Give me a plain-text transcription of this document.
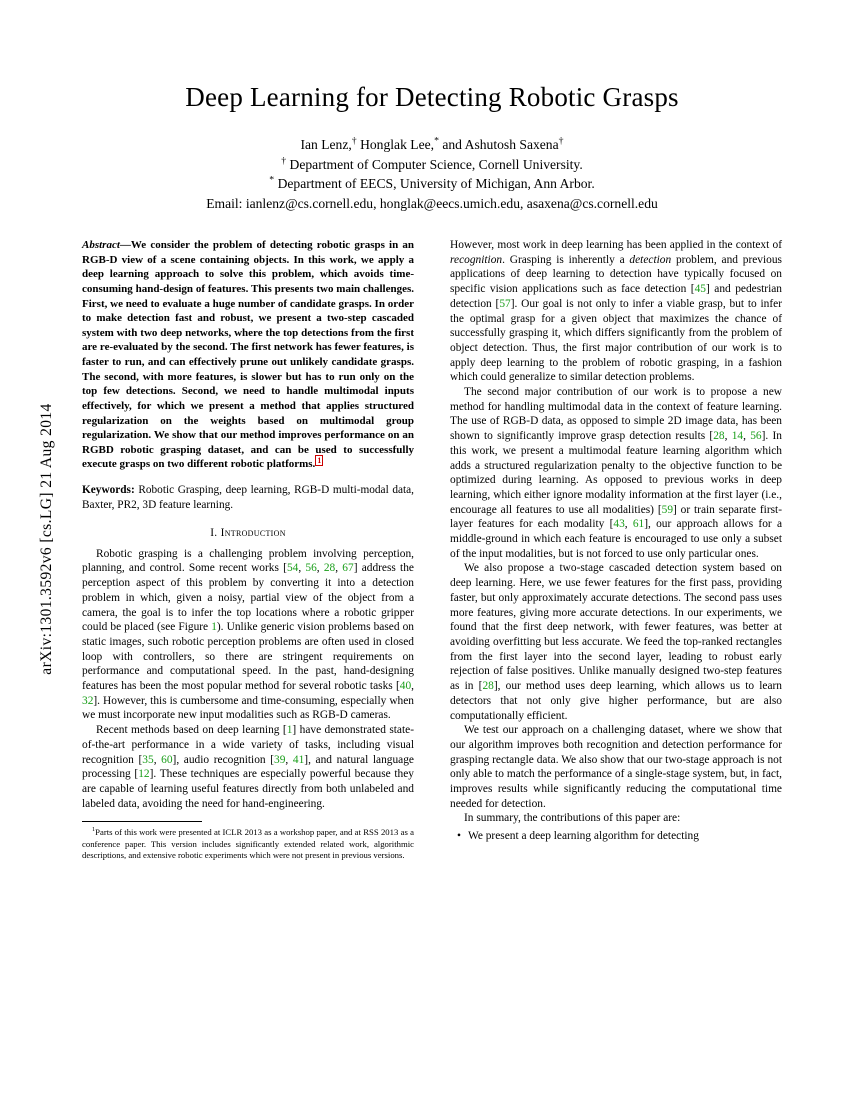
arXiv:1301.3592v6 [cs.LG] 21 Aug 2014
Deep Learning for Detecting Robotic Grasps
Ian Lenz,† Honglak Lee,* and Ashutosh Saxena†
† Department of Computer Science, Cornell University.
* Department of EECS, University of Michigan, Ann Arbor.
Email: ianlenz@cs.cornell.edu, honglak@eecs.umich.edu, asaxena@cs.cornell.edu
Abstract—We consider the problem of detecting robotic grasps in an RGB-D view of a scene containing objects. In this work, we apply a deep learning approach to solve this problem, which avoids time-consuming hand-design of features. This presents two main challenges. First, we need to evaluate a huge number of candidate grasps. In order to make detection fast and robust, we present a two-step cascaded system with two deep networks, where the top detections from the first are re-evaluated by the second. The first network has fewer features, is faster to run, and can effectively prune out unlikely candidate grasps. The second, with more features, is slower but has to run only on the top few detections. Second, we need to handle multimodal inputs effectively, for which we present a method that applies structured regularization on the weights based on multimodal group regularization. We show that our method improves performance on an RGBD robotic grasping dataset, and can be used to successfully execute grasps on two different robotic platforms. $^1$
Keywords: Robotic Grasping, deep learning, RGB-D multi-modal data, Baxter, PR2, 3D feature learning.
I. Introduction

Robotic grasping is a challenging problem involving perception, planning, and control. Some recent works [54, 56, 28, 67] address the perception aspect of this problem by converting it into a detection problem in which, given a noisy, partial view of the object from a camera, the goal is to infer the top locations where a robotic gripper could be placed (see Figure 1). Unlike generic vision problems based on static images, such robotic perception problems are often used in closed loop with controllers, so there are stringent requirements on performance and computational speed. In the past, hand-designing features has been the most popular method for several robotic tasks [40, 32]. However, this is cumbersome and time-consuming, especially when we must incorporate new input modalities such as RGB-D cameras.

Recent methods based on deep learning [1] have demonstrated state-of-the-art performance in a wide variety of tasks, including visual recognition [35, 60], audio recognition [39, 41], and natural language processing [12]. These techniques are especially powerful because they are capable of learning useful features directly from both unlabeled and labeled data, avoiding the need for hand-engineering.

$^1$Parts of this work were presented at ICLR 2013 as a workshop paper, and at RSS 2013 as a conference paper. This version includes significantly extended related work, algorithmic descriptions, and extensive robotic experiments which were not present in previous versions.

However, most work in deep learning has been applied in the context of recognition. Grasping is inherently a detection problem, and previous applications of deep learning to detection have typically focused on specific vision applications such as face detection [45] and pedestrian detection [57]. Our goal is not only to infer a viable grasp, but to infer the optimal grasp for a given object that maximizes the chance of successfully grasping it, which differs significantly from the problem of object detection. Thus, the first major contribution of our work is to apply deep learning to the problem of robotic grasping, in a fashion which could generalize to similar detection problems.

The second major contribution of our work is to propose a new method for handling multimodal data in the context of feature learning. The use of RGB-D data, as opposed to simple 2D image data, has been shown to significantly improve grasp detection results [28, 14, 56]. In this work, we present a multimodal feature learning algorithm which adds a structured regularization penalty to the objective function to be optimized during learning. As opposed to previous works in deep learning, which either ignore modality information at the first layer (i.e., encourage all features to use all modalities) [59] or train separate first-layer features for each modality [43, 61], our approach allows for a middle-ground in which each feature is encouraged to use only a subset of the input modalities, but is not forced to use only particular ones.

We also propose a two-stage cascaded detection system based on deep learning. Here, we use fewer features for the first pass, providing faster, but only approximately accurate detections. The second pass uses more features, giving more accurate detections. In our experiments, we found that the first deep network, with fewer features, was better at avoiding overfitting but less accurate. We feed the top-ranked rectangles from the first layer into the second layer, leading to robust early rejection of false positives. Unlike manually designed two-step features as in [28], our method uses deep learning, which allows us to learn detectors that not only give higher performance, but are also computationally efficient.

We test our approach on a challenging dataset, where we show that our algorithm improves both recognition and detection performance for grasping rectangle data. We also show that our two-stage approach is not only able to match the performance of a single-stage system, but, in fact, improves results while significantly reducing the computational time needed for detection.

In summary, the contributions of this paper are:

• We present a deep learning algorithm for detecting
